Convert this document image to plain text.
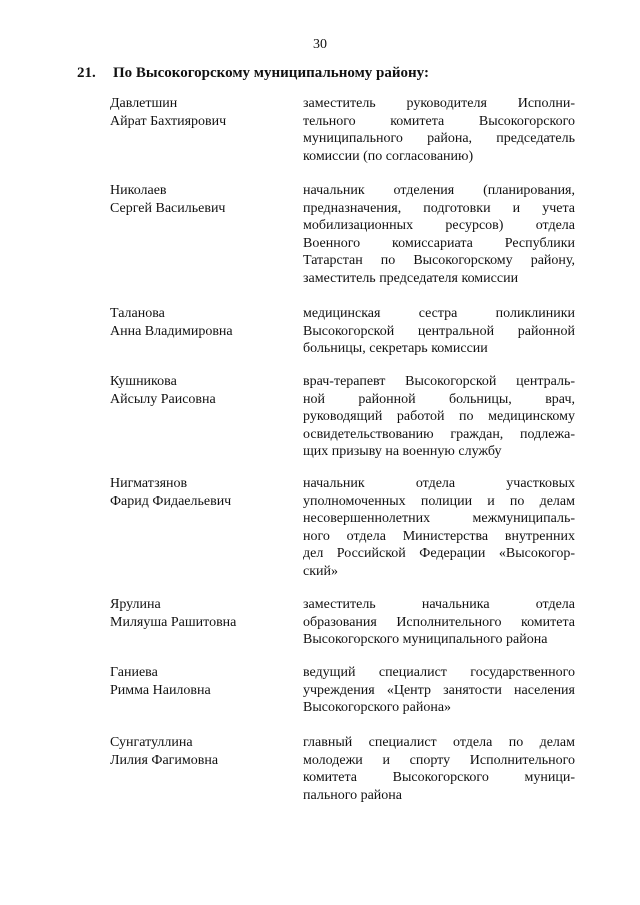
30
21. По Высокогорскому муниципальному району:
Давлетшин
Айрат Бахтиярович
заместитель руководителя Исполни-
тельного комитета Высокогорского
муниципального района, председатель
комиссии (по согласованию)
Николаев
Сергей Васильевич
начальник отделения (планирования,
предназначения, подготовки и учета
мобилизационных ресурсов) отдела
Военного комиссариата Республики
Татарстан по Высокогорскому району,
заместитель председателя комиссии
Таланова
Анна Владимировна
медицинская сестра поликлиники
Высокогорской центральной районной
больницы, секретарь комиссии
Кушникова
Айсылу Раисовна
врач-терапевт Высокогорской централь-
ной районной больницы, врач,
руководящий работой по медицинскому
освидетельствованию граждан, подлежа-
щих призыву на военную службу
Нигматзянов
Фарид Фидаельевич
начальник отдела участковых
уполномоченных полиции и по делам
несовершеннолетних межмуниципаль-
ного отдела Министерства внутренних
дел Российской Федерации «Высокогор-
ский»
Ярулина
Миляуша Рашитовна
заместитель начальника отдела
образования Исполнительного комитета
Высокогорского муниципального района
Ганиева
Римма Наиловна
ведущий специалист государственного
учреждения «Центр занятости населения
Высокогорского района»
Сунгатуллина
Лилия Фагимовна
главный специалист отдела по делам
молодежи и спорту Исполнительного
комитета Высокогорского муници-
пального района
